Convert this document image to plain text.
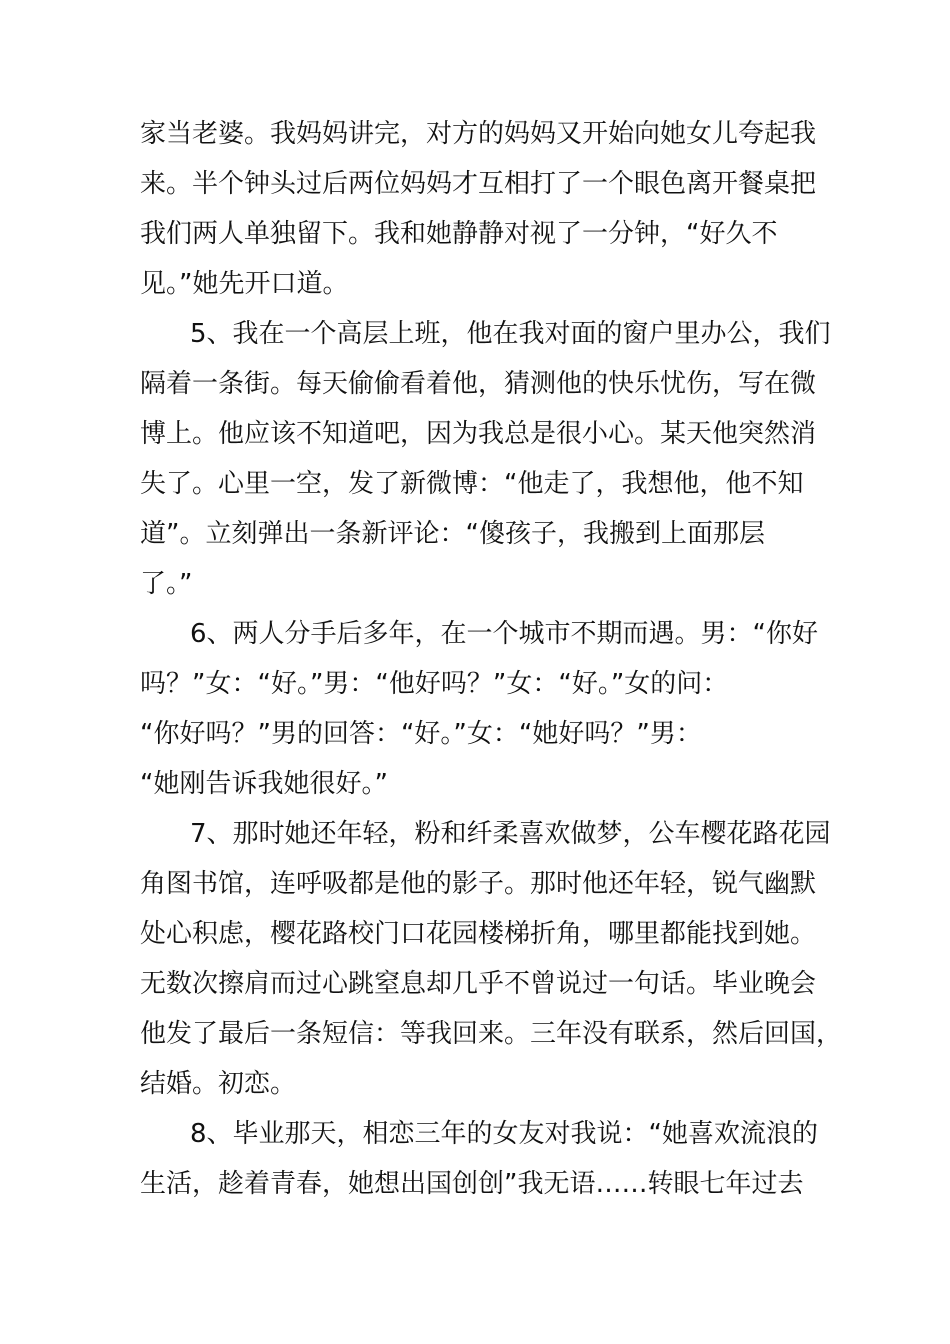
家当老婆。我妈妈讲完，对方的妈妈又开始向她女儿夸起我
来。半个钟头过后两位妈妈才互相打了一个眼色离开餐桌把
我们两人单独留下。我和她静静对视了一分钟，“好久不
见。”她先开口道。
5、我在一个高层上班，他在我对面的窗户里办公，我们
隔着一条街。每天偷偷看着他，猜测他的快乐忧伤，写在微
博上。他应该不知道吧，因为我总是很小心。某天他突然消
失了。心里一空，发了新微博：“他走了，我想他，他不知
道”。立刻弹出一条新评论：“傻孩子，我搬到上面那层
了。”
6、两人分手后多年，在一个城市不期而遇。男：“你好
吗？”女：“好。”男：“他好吗？”女：“好。”女的问：
“你好吗？”男的回答：“好。”女：“她好吗？”男：
“她刚告诉我她很好。”
7、那时她还年轻，粉和纤柔喜欢做梦，公车樱花路花园
角图书馆，连呼吸都是他的影子。那时他还年轻，锐气幽默
处心积虑，樱花路校门口花园楼梯折角，哪里都能找到她。
无数次擦肩而过心跳窒息却几乎不曾说过一句话。毕业晚会
他发了最后一条短信：等我回来。三年没有联系，然后回国，
结婚。初恋。
8、毕业那天，相恋三年的女友对我说：“她喜欢流浪的
生活，趁着青春，她想出国创创”我无语……转眼七年过去
